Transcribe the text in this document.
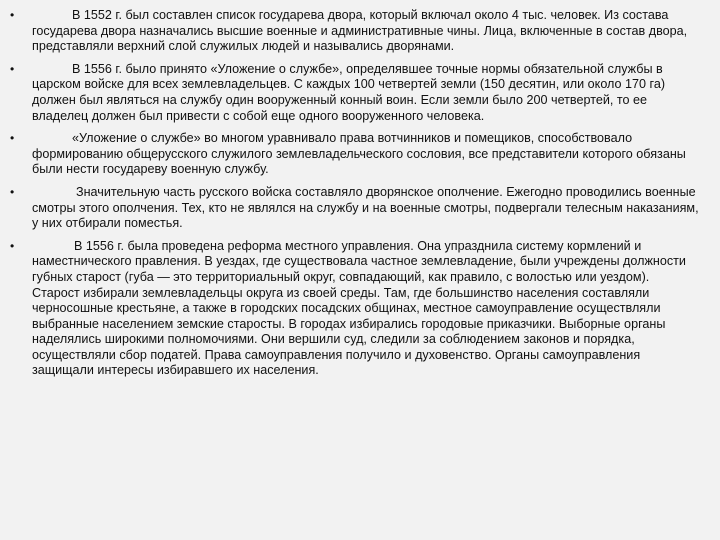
•	В 1552 г. был составлен список государева двора, который включал около 4 тыс. человек. Из состава государева двора назначались высшие военные и административные чины. Лица, включенные в состав двора, представляли верхний слой служилых людей и назывались дворянами.
•	В 1556 г. было принято «Уложение о службе», определявшее точные нормы обязательной службы в царском войске для всех землевладельцев. С каждых 100 четвертей земли (150 десятин, или около 170 га) должен был являться на службу один вооруженный конный воин. Если земли было 200 четвертей, то ее владелец должен был привести с собой еще одного вооруженного человека.
•	«Уложение о службе» во многом уравнивало права вотчинников и помещиков, способствовало формированию общерусского служилого землевладельческого сословия, все представители которого обязаны были нести государеву военную службу.
•	Значительную часть русского войска составляло дворянское ополчение. Ежегодно проводились военные смотры этого ополчения. Тех, кто не являлся на службу и на военные смотры, подвергали телесным наказаниям, у них отбирали поместья.
•	В 1556 г. была проведена реформа местного управления. Она упразднила систему кормлений и наместнического правления. В уездах, где существовала частное землевладение, были учреждены должности губных старост (губа — это территориальный округ, совпадающий, как правило, с волостью или уездом). Старост избирали землевладельцы округа из своей среды. Там, где большинство населения составляли черносошные крестьяне, а также в городских посадских общинах, местное самоуправление осуществляли выбранные населением земские старосты. В городах избирались городовые приказчики. Выборные органы наделялись широкими полномочиями. Они вершили суд, следили за соблюдением законов и порядка, осуществляли сбор податей. Права самоуправления получило и духовенство. Органы самоуправления защищали интересы избиравшего их населения.
